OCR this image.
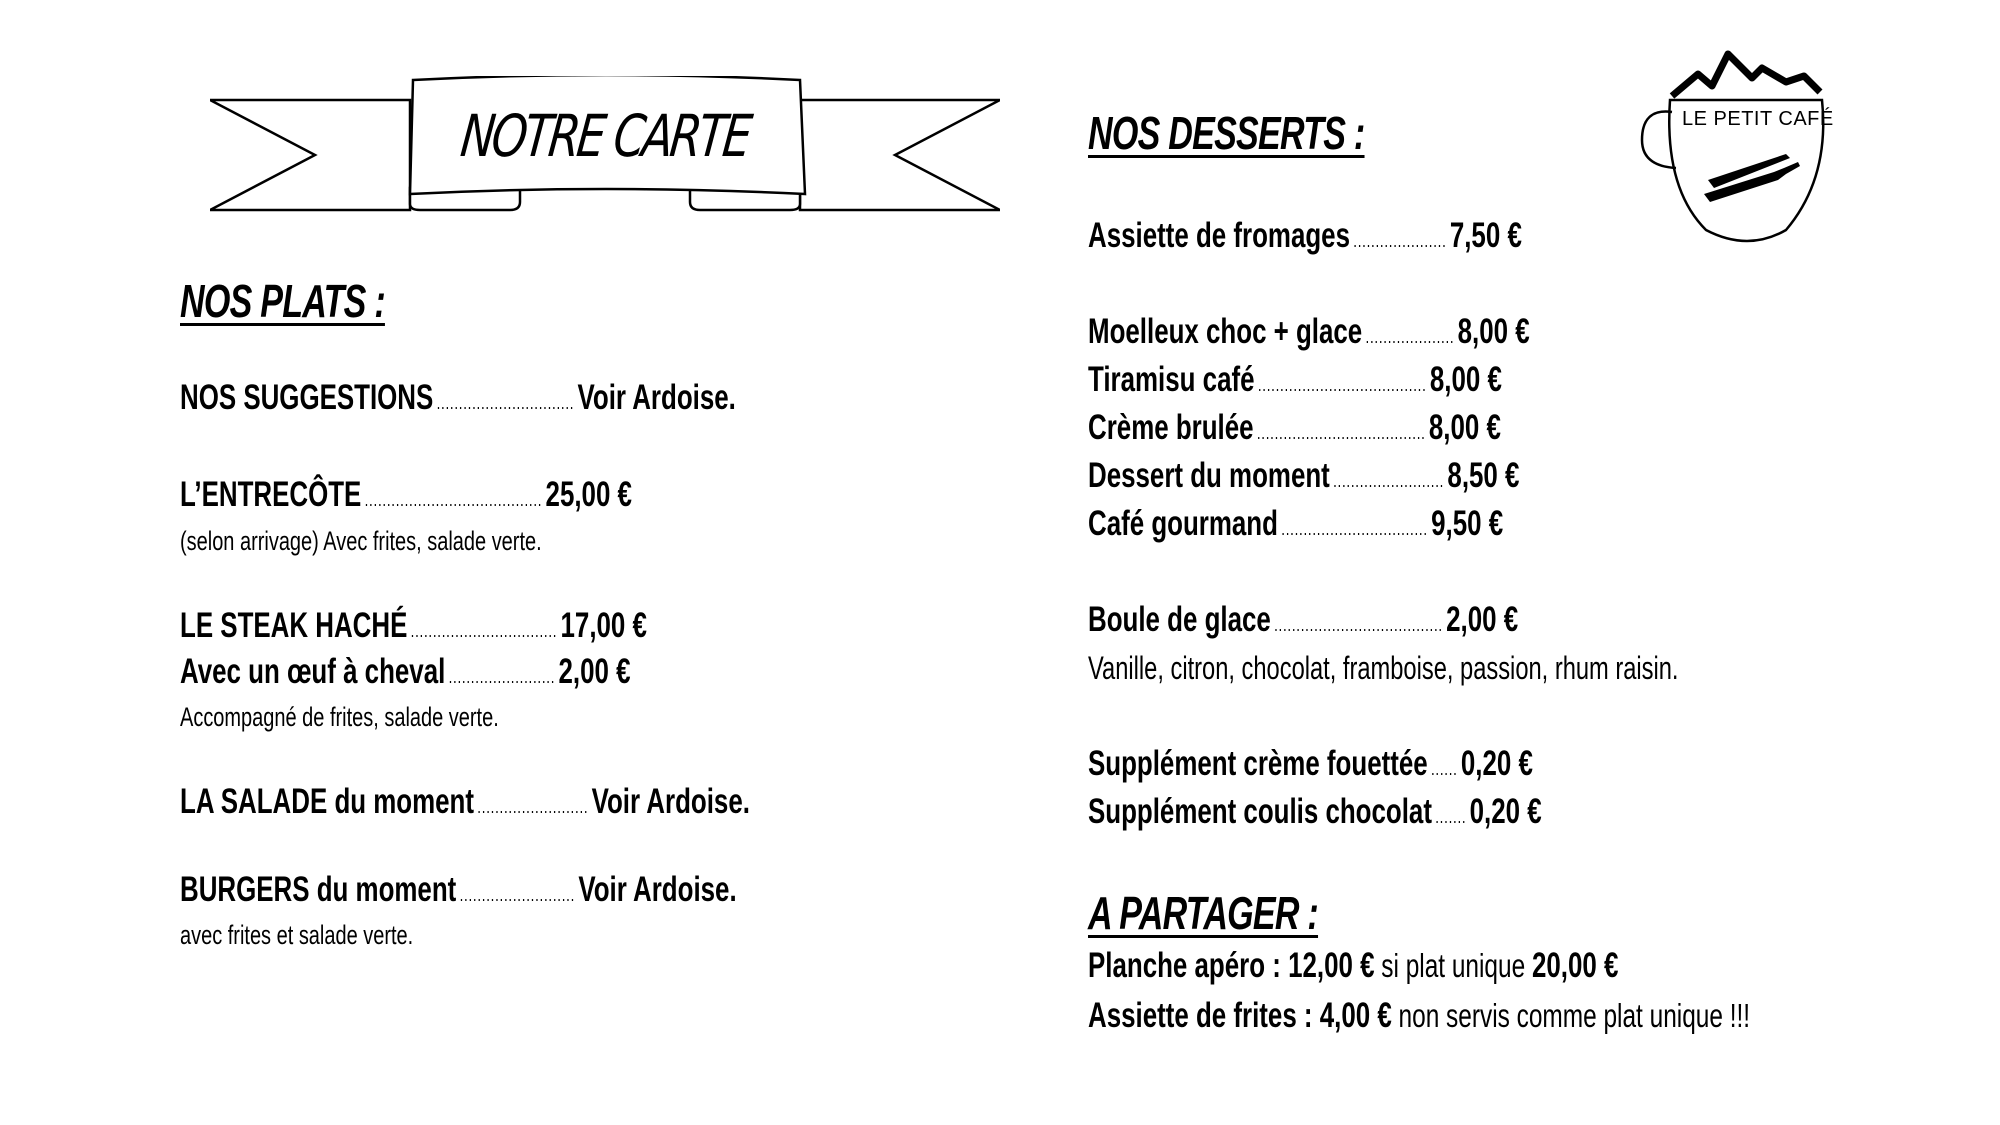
NOTRE CARTE
NOS PLATS :
NOS SUGGESTIONS ............................... Voir Ardoise.
L’ENTRECÔTE ........................................ 25,00 €
(selon arrivage) Avec frites, salade verte.
LE STEAK HACHÉ ................................. 17,00 €
Avec un œuf à cheval ........................ 2,00 €
Accompagné de frites, salade verte.
LA SALADE du moment ......................... Voir Ardoise.
BURGERS du moment .......................... Voir Ardoise.
avec frites et salade verte.
NOS DESSERTS :
Assiette de fromages ..................... 7,50 €
Moelleux choc + glace .................... 8,00 €
Tiramisu café ...................................... 8,00 €
Crème brulée ...................................... 8,00 €
Dessert du moment ......................... 8,50 €
Café gourmand ................................. 9,50 €
Boule de glace ...................................... 2,00 €
Vanille, citron, chocolat, framboise, passion, rhum raisin.
Supplément crème fouettée ...... 0,20 €
Supplément coulis chocolat ....... 0,20 €
A PARTAGER :
Planche apéro : 12,00 € si plat unique 20,00 €
Assiette de frites : 4,00 € non servis comme plat unique !!!
LE PETIT CAFÉ
